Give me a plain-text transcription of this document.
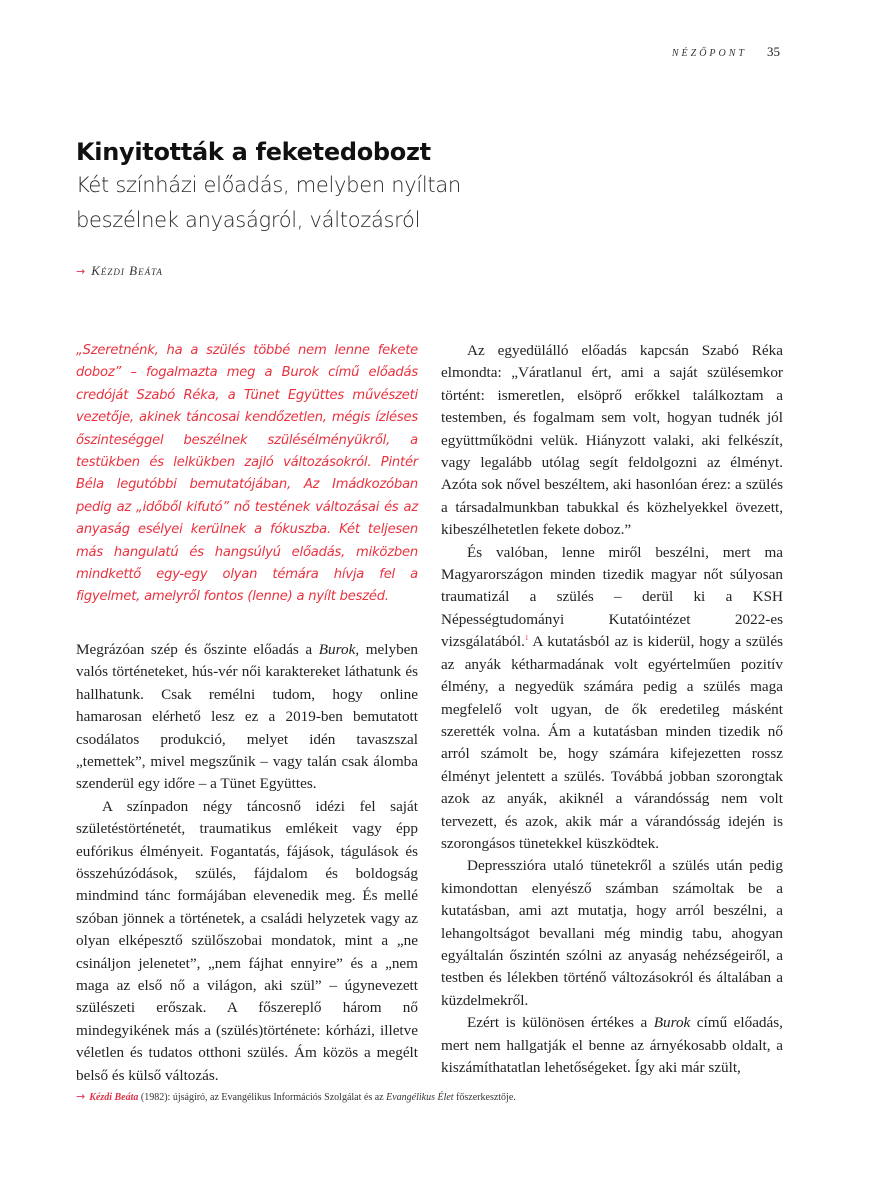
NÉZŐPONT 35
Kinyitották a feketedobozt

Két színházi előadás, melyben nyíltan

beszélnek anyaságról, változásról

→ Kézdi Beáta

„Szeretnénk, ha a szülés többé nem lenne fekete doboz” – fogalmazta meg a Burok című előadás credóját Szabó Réka, a Tünet Együttes művészeti vezetője, akinek táncosai kendőzetlen, mégis ízléses őszinteséggel beszélnek szülésélményükről, a testükben és lelkükben zajló változásokról. Pintér Béla legutóbbi bemutatójában, Az Imádkozóban pedig az „időből kifutó” nő testének változásai és az anyaság esélyei kerülnek a fókuszba. Két teljesen más hangulatú és hangsúlyú előadás, miközben mindkettő egy-egy olyan témára hívja fel a figyelmet, amelyről fontos (lenne) a nyílt beszéd.

Megrázóan szép és őszinte előadás a Burok, melyben valós történeteket, hús-vér női karaktereket láthatunk és hallhatunk. Csak remélni tudom, hogy online hamarosan elérhető lesz ez a 2019-ben bemutatott csodálatos produkció, melyet idén tavaszszal „temettek”, mivel megszűnik – vagy talán csak álomba szenderül egy időre – a Tünet Együttes.

A színpadon négy táncosnő idézi fel saját születéstörténetét, traumatikus emlékeit vagy épp eufórikus élményeit. Fogantatás, fájások, tágulások és összehúzódások, szülés, fájdalom és boldogság mindmind tánc formájában elevenedik meg. És mellé szóban jönnek a történetek, a családi helyzetek vagy az olyan elképesztő szülőszobai mondatok, mint a „ne csináljon jelenetet”, „nem fájhat ennyire” és a „nem maga az első nő a világon, aki szül” – úgynevezett szülészeti erőszak. A főszereplő három nő mindegyikének más a (szülés)története: kórházi, illetve véletlen és tudatos otthoni szülés. Ám közös a megélt belső és külső változás.

Az egyedülálló előadás kapcsán Szabó Réka elmondta: „Váratlanul ért, ami a saját szülésemkor történt: ismeretlen, elsöprő erőkkel találkoztam a testemben, és fogalmam sem volt, hogyan tudnék jól együttműködni velük. Hiányzott valaki, aki felkészít, vagy legalább utólag segít feldolgozni az élményt. Azóta sok nővel beszéltem, aki hasonlóan érez: a szülés a társadalmunkban tabukkal és közhelyekkel övezett, kibeszélhetetlen fekete doboz.”

És valóban, lenne miről beszélni, mert ma Magyarországon minden tizedik magyar nőt súlyosan traumatizál a szülés – derül ki a KSH Népességtudományi Kutatóintézet 2022-es vizsgálatából.$^1$ A kutatásból az is kiderül, hogy a szülés az anyák kétharmadának volt egyértelműen pozitív élmény, a negyedük számára pedig a szülés maga megfelelő volt ugyan, de ők eredetileg másként szerették volna. Ám a kutatásban minden tizedik nő arról számolt be, hogy számára kifejezetten rossz élményt jelentett a szülés. Továbbá jobban szorongtak azok az anyák, akiknél a várandósság nem volt tervezett, és azok, akik már a várandósság idején is szorongásos tünetekkel küszködtek.

Depresszióra utaló tünetekről a szülés után pedig kimondottan elenyésző számban számoltak be a kutatásban, ami azt mutatja, hogy arról beszélni, a lehangoltságot bevallani még mindig tabu, ahogyan egyáltalán őszintén szólni az anyaság nehézségeiről, a testben és lélekben történő változásokról és általában a küzdelmekről.

Ezért is különösen értékes a Burok című előadás, mert nem hallgatják el benne az árnyékosabb oldalt, a kiszámíthatatlan lehetőségeket. Így aki már szült,

→ Kézdi Beáta (1982): újságíró, az Evangélikus Információs Szolgálat és az Evangélikus Élet főszerkesztője.
